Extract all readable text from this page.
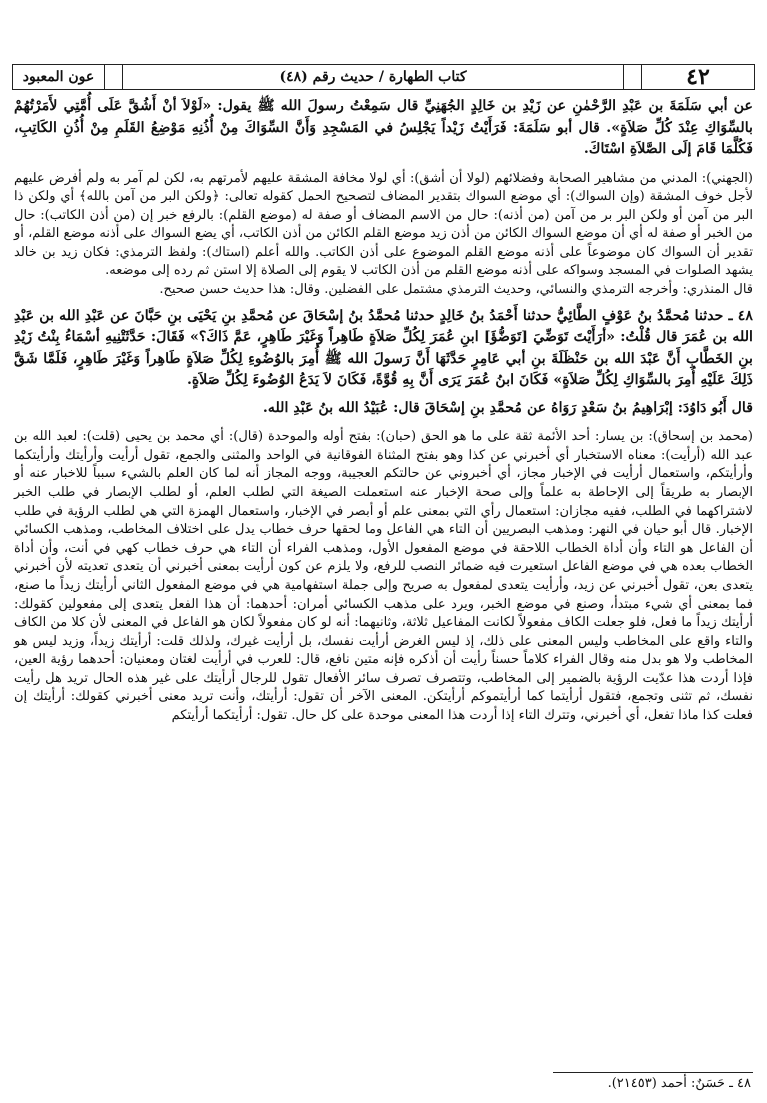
عون المعبود	كتاب الطهارة / حديث رقم (٤٨)	٤٢

عن أبي سَلَمَةَ بن عَبْدِ الرَّحْمٰنِ عن زَيْدِ بن خَالِدٍ الجُهَنِيِّ قال سَمِعْتُ رسولَ الله ﷺ يقول: «لَوْلاَ أنْ أَشُقَّ عَلَى أُمَّتِي لأَمَرْتُهُمْ بالسِّوَاكِ عِنْدَ كُلِّ صَلاَةٍ». قال أبو سَلَمَةَ: فَرَأَيْتُ زَيْداً يَجْلِسُ في المَسْجِدِ وَأَنَّ السِّوَاكَ مِنْ أُذُنِهِ مَوْضِعُ القَلَمِ مِنْ أُذُنِ الكَاتِبِ، فَكُلَّمَا قَامَ إلَى الصَّلاَةِ اسْتَاكَ.

(الجهني): المدني من مشاهير الصحابة وفضلائهم (لولا أن أشق): أي لولا مخافة المشقة عليهم لأمرتهم به، لكن لم آمر به ولم أفرض عليهم لأجل خوف المشقة (وإن السواك): أي موضع السواك بتقدير المضاف لتصحيح الحمل كقوله تعالى: ﴿ولكن البر من آمن بالله﴾ أي ولكن ذا البر من آمن أو ولكن البر بر من آمن (من أذنه): حال من الاسم المضاف أو صفة له (موضع القلم): بالرفع خبر إن (من أذن الكاتب): حال من الخبر أو صفة له أي أن موضع السواك الكائن من أذن زيد موضع القلم الكائن من أذن الكاتب، أي يضع السواك على أذنه موضع القلم، أو تقدير أن السواك كان موضوعاً على أذنه موضع القلم الموضوع على أذن الكاتب. والله أعلم (استاك): ولفظ الترمذي: فكان زيد بن خالد يشهد الصلوات في المسجد وسواكه على أذنه موضع القلم من أذن الكاتب لا يقوم إلى الصلاة إلا استن ثم رده إلى موضعه.

قال المنذري: وأخرجه الترمذي والنسائي، وحديث الترمذي مشتمل على الفضلين. وقال: هذا حديث حسن صحيح.

٤٨ ـ حدثنا مُحمَّدُ بنُ عَوْفٍ الطَّائِيُّ حدثنا أَحْمَدُ بنُ خَالِدٍ حدثنا مُحمَّدُ بنُ إسْحَاقَ عن مُحمَّدِ بنِ يَحْيَى بنِ حَبَّانَ عن عَبْدِ الله بن عَبْدِ الله بن عُمَرَ قال قُلْتُ: «أرَأَيْتَ تَوَضِّيَ [تَوَضُّؤَ] ابنِ عُمَرَ لِكُلِّ صَلاَةٍ طَاهِراً وَغَيْرَ طَاهِرٍ، عَمَّ ذَاكَ؟» فَقَالَ: حَدَّثَتْنِيهِ أسْمَاءُ بِنْتُ زَيْدِ بنِ الخَطَّابِ أَنَّ عَبْدَ الله بن حَنْظَلَةَ بنِ أبي عَامِرٍ حَدَّثَهَا أَنَّ رَسولَ الله ﷺ أُمِرَ بالوُضُوءِ لِكُلِّ صَلاَةٍ طَاهِراً وَغَيْرَ طَاهِرٍ، فَلَمَّا شَقَّ ذَلِكَ عَلَيْهِ أُمِرَ بالسِّوَاكِ لِكُلِّ صَلاَةٍ» فَكَانَ ابنُ عُمَرَ يَرَى أَنَّ بِهِ قُوَّةً، فَكَانَ لاَ يَدَعُ الوُضُوءَ لِكُلِّ صَلاَةٍ.

قال أَبُو دَاوُدَ: إبْرَاهِيمُ بنُ سَعْدٍ رَوَاهُ عن مُحمَّدِ بنِ إسْحَاقَ قال: عُبَيْدُ الله بنُ عَبْدِ الله.

(محمد بن إسحاق): بن يسار: أحد الأئمة ثقة على ما هو الحق (حبان): بفتح أوله والموحدة (قال): أي محمد بن يحيى (قلت): لعبد الله بن عبد الله (أرأيت): معناه الاستخبار أي أخبرني عن كذا وهو بفتح المثناة الفوقانية في الواحد والمثنى والجمع، تقول أرأيت وأرأيتك وأرأيتكما وأرأيتكم، واستعمال أرأيت في الإخبار مجاز، أي أخبروني عن حالتكم العجيبة، ووجه المجاز أنه لما كان العلم بالشيء سبباً للاخبار عنه أو الإبصار به طريقاً إلى الإحاطة به علماً وإلى صحة الإخبار عنه استعملت الصيغة التي لطلب العلم، أو لطلب الإبصار في طلب الخبر لاشتراكهما في الطلب، ففيه مجازان: استعمال رأي التي بمعنى علم أو أبصر في الإخبار، واستعمال الهمزة التي هي لطلب الرؤية في طلب الإخبار. قال أبو حيان في النهر: ومذهب البصريين أن التاء هي الفاعل وما لحقها حرف خطاب يدل على اختلاف المخاطب، ومذهب الكسائي أن الفاعل هو التاء وأن أداة الخطاب اللاحقة في موضع المفعول الأول، ومذهب الفراء أن التاء هي حرف خطاب كهي في أنت، وأن أداة الخطاب بعده هي في موضع الفاعل استعيرت فيه ضمائر النصب للرفع، ولا يلزم عن كون أرأيت بمعنى أخبرني أن يتعدى تعديته لأن أخبرني يتعدى بعن، تقول أخبرني عن زيد، وأرأيت يتعدى لمفعول به صريح وإلى جملة استفهامية هي في موضع المفعول الثاني أرأيتك زيداً ما صنع، فما بمعنى أي شيء مبتدأ، وصنع في موضع الخبر، ويرد على مذهب الكسائي أمران: أحدهما: أن هذا الفعل يتعدى إلى مفعولين كقولك: أرأيتك زيداً ما فعل، فلو جعلت الكاف مفعولاً لكانت المفاعيل ثلاثة، وثانيهما: أنه لو كان مفعولاً لكان هو الفاعل في المعنى لأن كلا من الكاف والتاء واقع على المخاطب وليس المعنى على ذلك، إذ ليس الغرض أرأيت نفسك، بل أرأيت غيرك، ولذلك قلت: أرأيتك زيداً، وزيد ليس هو المخاطب ولا هو بدل منه وقال الفراء كلاماً حسناً رأيت أن أذكره فإنه متين نافع، قال: للعرب في أرأيت لغتان ومعنيان: أحدهما رؤية العين، فإذا أردت هذا عدّيت الرؤية بالضمير إلى المخاطب، وتتصرف تصرف سائر الأفعال تقول للرجال أرأيتك على غير هذه الحال تريد هل رأيت نفسك، ثم تثنى وتجمع، فتقول أرأيتما كما أرأيتموكم أرأيتكن. المعنى الآخر أن تقول: أرأيتك، وأنت تريد معنى أخبرني كقولك: أرأيتك إن فعلت كذا ماذا تفعل، أي أخبرني، وتترك التاء إذا أردت هذا المعنى موحدة على كل حال. تقول: أرأيتكما أرأيتكم

٤٨ ـ حَسَنٌ: أحمد (٢١٤٥٣).
